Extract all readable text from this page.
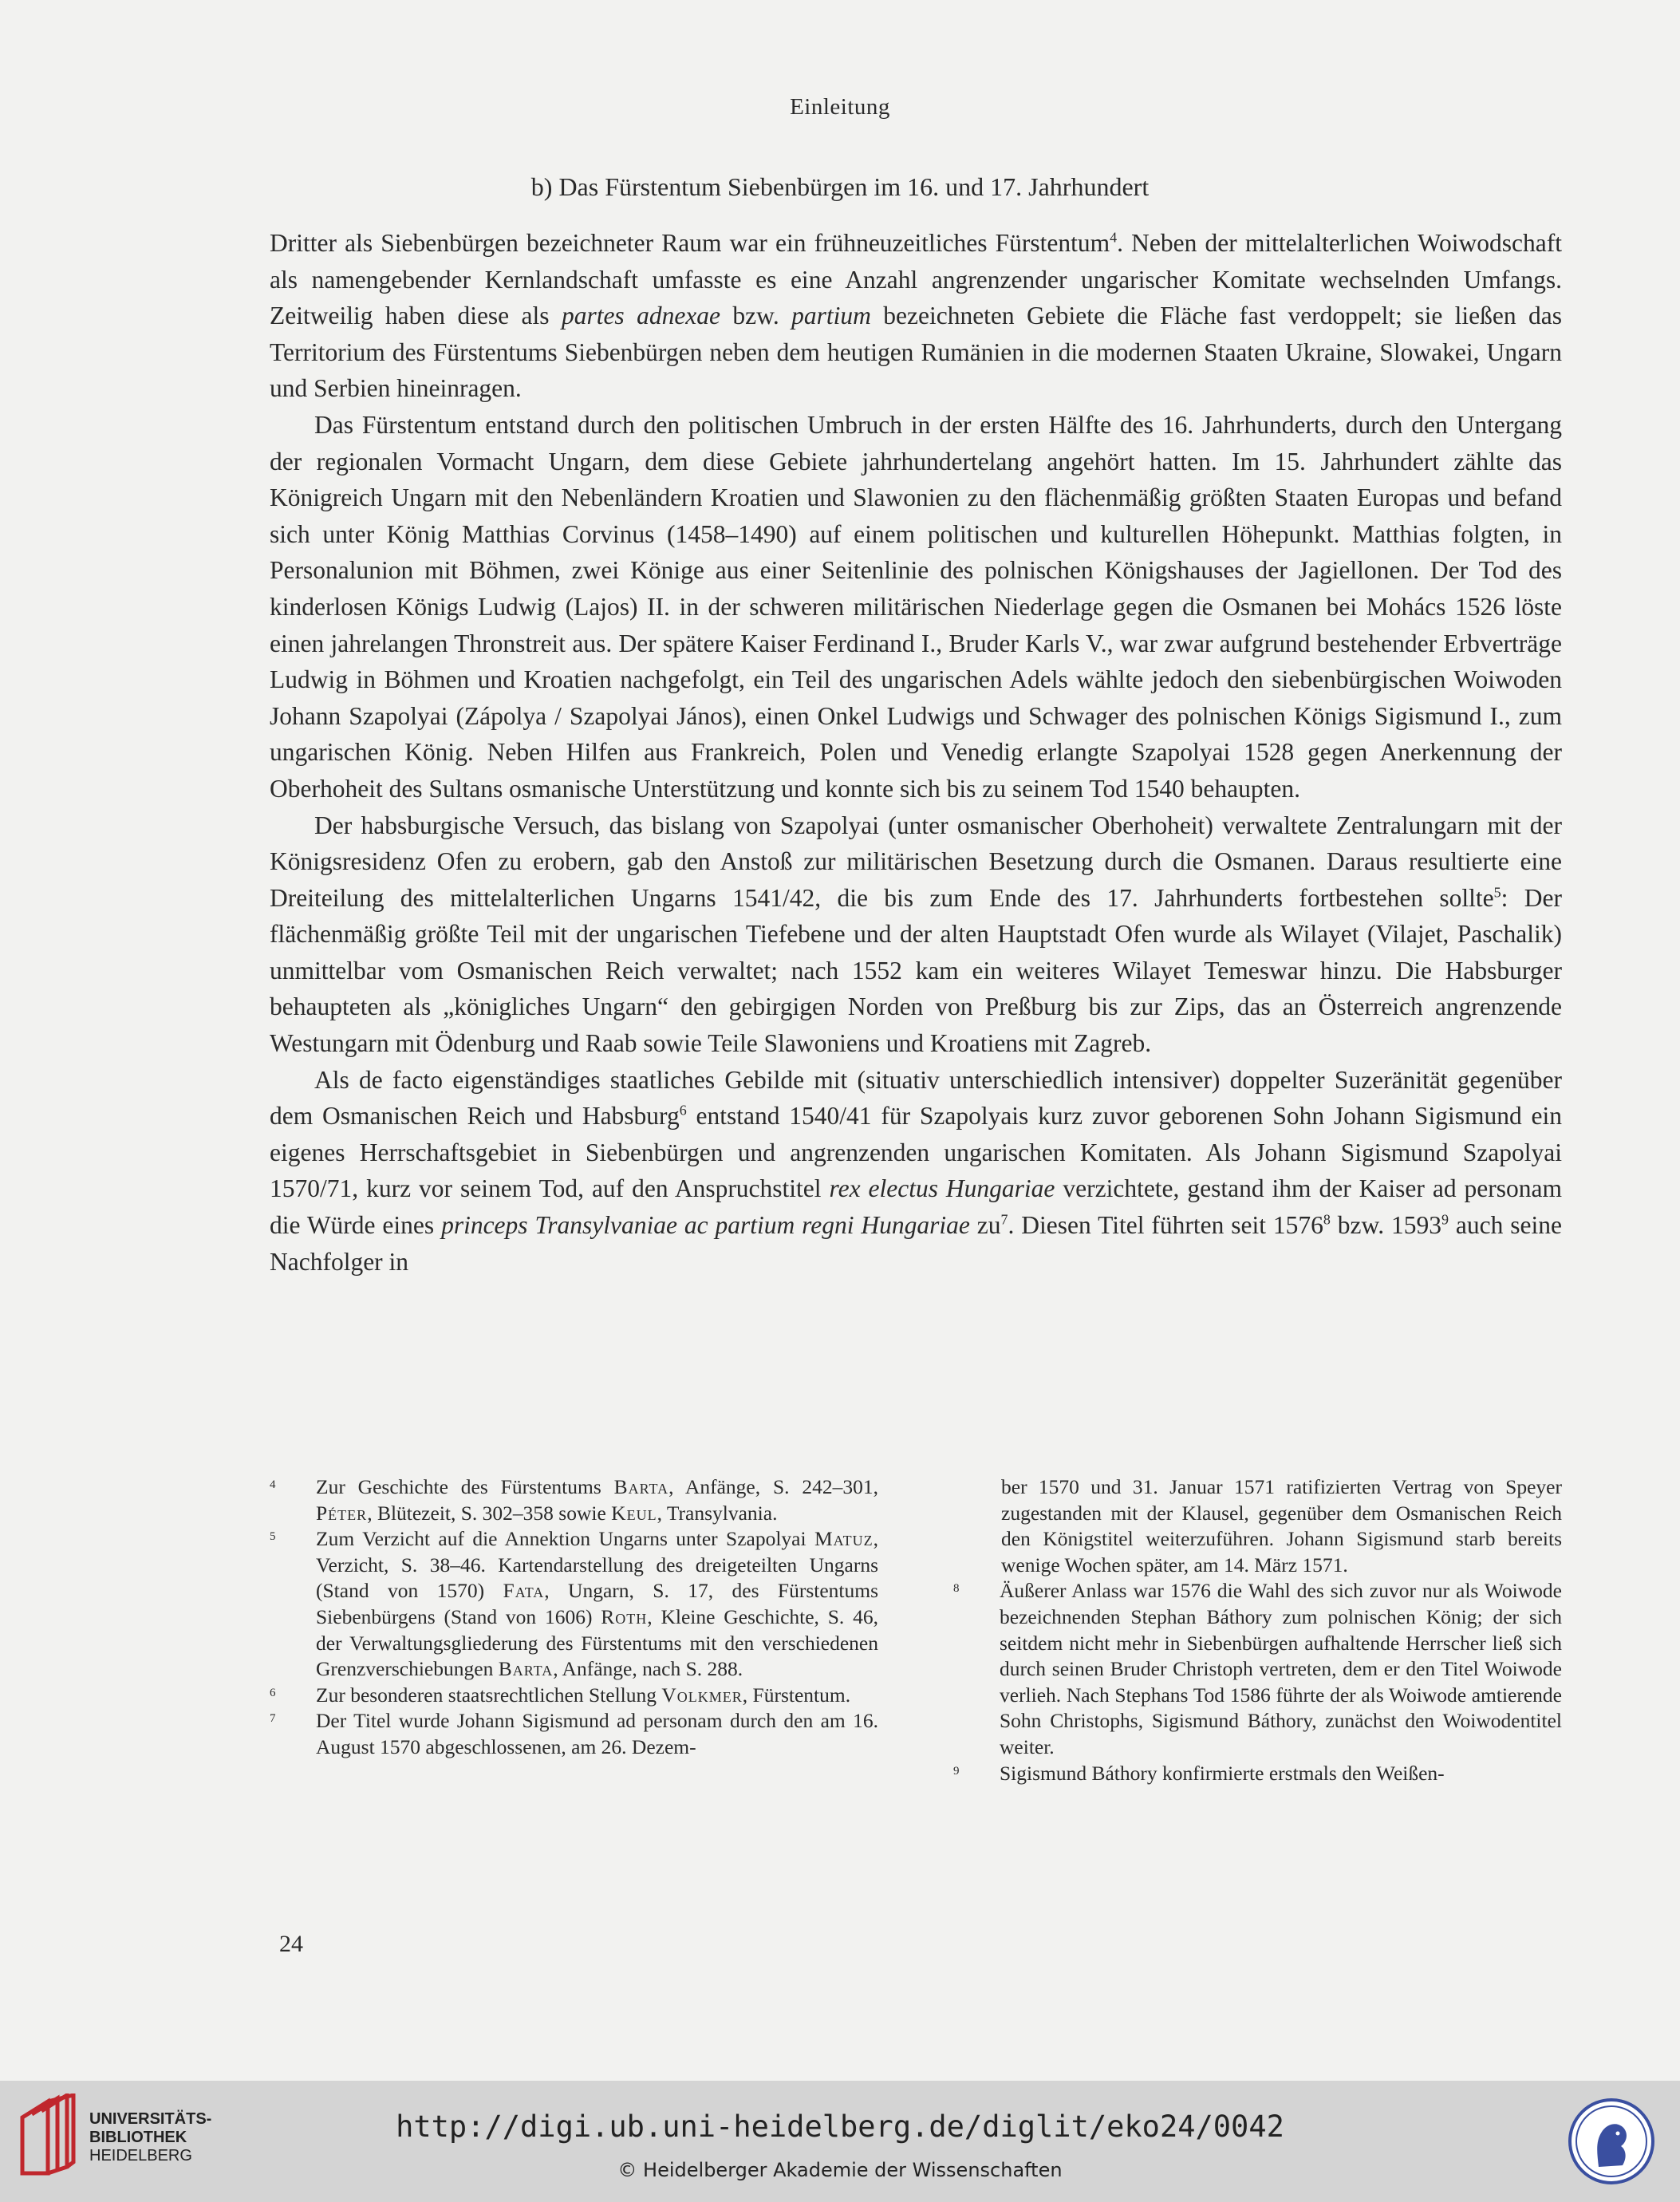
Einleitung
b) Das Fürstentum Siebenbürgen im 16. und 17. Jahrhundert

Dritter als Siebenbürgen bezeichneter Raum war ein frühneuzeitliches Fürstentum$^4$. Neben der mittelalterlichen Woiwodschaft als namengebender Kernlandschaft umfasste es eine Anzahl angrenzender ungarischer Komitate wechselnden Umfangs. Zeitweilig haben diese als partes adnexae bzw. partium bezeichneten Gebiete die Fläche fast verdoppelt; sie ließen das Territorium des Fürstentums Siebenbürgen neben dem heutigen Rumänien in die modernen Staaten Ukraine, Slowakei, Ungarn und Serbien hineinragen.

Das Fürstentum entstand durch den politischen Umbruch in der ersten Hälfte des 16. Jahrhunderts, durch den Untergang der regionalen Vormacht Ungarn, dem diese Gebiete jahrhundertelang angehört hatten. Im 15. Jahrhundert zählte das Königreich Ungarn mit den Nebenländern Kroatien und Slawonien zu den flächenmäßig größten Staaten Europas und befand sich unter König Matthias Corvinus (1458–1490) auf einem politischen und kulturellen Höhepunkt. Matthias folgten, in Personalunion mit Böhmen, zwei Könige aus einer Seitenlinie des polnischen Königshauses der Jagiellonen. Der Tod des kinderlosen Königs Ludwig (Lajos) II. in der schweren militärischen Niederlage gegen die Osmanen bei Mohács 1526 löste einen jahrelangen Thronstreit aus. Der spätere Kaiser Ferdinand I., Bruder Karls V., war zwar aufgrund bestehender Erbverträge Ludwig in Böhmen und Kroatien nachgefolgt, ein Teil des ungarischen Adels wählte jedoch den siebenbürgischen Woiwoden Johann Szapolyai (Zápolya / Szapolyai János), einen Onkel Ludwigs und Schwager des polnischen Königs Sigismund I., zum ungarischen König. Neben Hilfen aus Frankreich, Polen und Venedig erlangte Szapolyai 1528 gegen Anerkennung der Oberhoheit des Sultans osmanische Unterstützung und konnte sich bis zu seinem Tod 1540 behaupten.

Der habsburgische Versuch, das bislang von Szapolyai (unter osmanischer Oberhoheit) verwaltete Zentralungarn mit der Königsresidenz Ofen zu erobern, gab den Anstoß zur militärischen Besetzung durch die Osmanen. Daraus resultierte eine Dreiteilung des mittelalterlichen Ungarns 1541/42, die bis zum Ende des 17. Jahrhunderts fortbestehen sollte$^5$: Der flächenmäßig größte Teil mit der ungarischen Tiefebene und der alten Hauptstadt Ofen wurde als Wilayet (Vilajet, Paschalik) unmittelbar vom Osmanischen Reich verwaltet; nach 1552 kam ein weiteres Wilayet Temeswar hinzu. Die Habsburger behaupteten als „königliches Ungarn“ den gebirgigen Norden von Preßburg bis zur Zips, das an Österreich angrenzende Westungarn mit Ödenburg und Raab sowie Teile Slawoniens und Kroatiens mit Zagreb.

Als de facto eigenständiges staatliches Gebilde mit (situativ unterschiedlich intensiver) doppelter Suzeränität gegenüber dem Osmanischen Reich und Habsburg$^6$ entstand 1540/41 für Szapolyais kurz zuvor geborenen Sohn Johann Sigismund ein eigenes Herrschaftsgebiet in Siebenbürgen und angrenzenden ungarischen Komitaten. Als Johann Sigismund Szapolyai 1570/71, kurz vor seinem Tod, auf den Anspruchstitel rex electus Hungariae verzichtete, gestand ihm der Kaiser ad personam die Würde eines princeps Transylvaniae ac partium regni Hungariae $zu^7$. Diesen Titel führten seit 1576$^8$ bzw. 1593$^9$ auch seine Nachfolger in

4	Zur Geschichte des Fürstentums Barta, Anfänge, S. 242–301, Péter, Blütezeit, S. 302–358 sowie Keul, Transylvania.
5	Zum Verzicht auf die Annektion Ungarns unter Szapolyai Matuz, Verzicht, S. 38–46. Kartendarstellung des dreigeteilten Ungarns (Stand von 1570) Fata, Ungarn, S. 17, des Fürstentums Siebenbürgens (Stand von 1606) Roth, Kleine Geschichte, S. 46, der Verwaltungsgliederung des Fürstentums mit den verschiedenen Grenzverschiebungen Barta, Anfänge, nach S. 288.
6	Zur besonderen staatsrechtlichen Stellung Volkmer, Fürstentum.
7	Der Titel wurde Johann Sigismund ad personam durch den am 16. August 1570 abgeschlossenen, am 26. Dezem-
ber 1570 und 31. Januar 1571 ratifizierten Vertrag von Speyer zugestanden mit der Klausel, gegenüber dem Osmanischen Reich den Königstitel weiterzuführen. Johann Sigismund starb bereits wenige Wochen später, am 14. März 1571.
8	Äußerer Anlass war 1576 die Wahl des sich zuvor nur als Woiwode bezeichnenden Stephan Báthory zum polnischen König; der sich seitdem nicht mehr in Siebenbürgen aufhaltende Herrscher ließ sich durch seinen Bruder Christoph vertreten, dem er den Titel Woiwode verlieh. Nach Stephans Tod 1586 führte der als Woiwode amtierende Sohn Christophs, Sigismund Báthory, zunächst den Woiwodentitel weiter.
9	Sigismund Báthory konfirmierte erstmals den Weißen-
24
UNIVERSITÄTS-
BIBLIOTHEK
HEIDELBERG
http://digi.ub.uni-heidelberg.de/diglit/eko24/0042
© Heidelberger Akademie der Wissenschaften
